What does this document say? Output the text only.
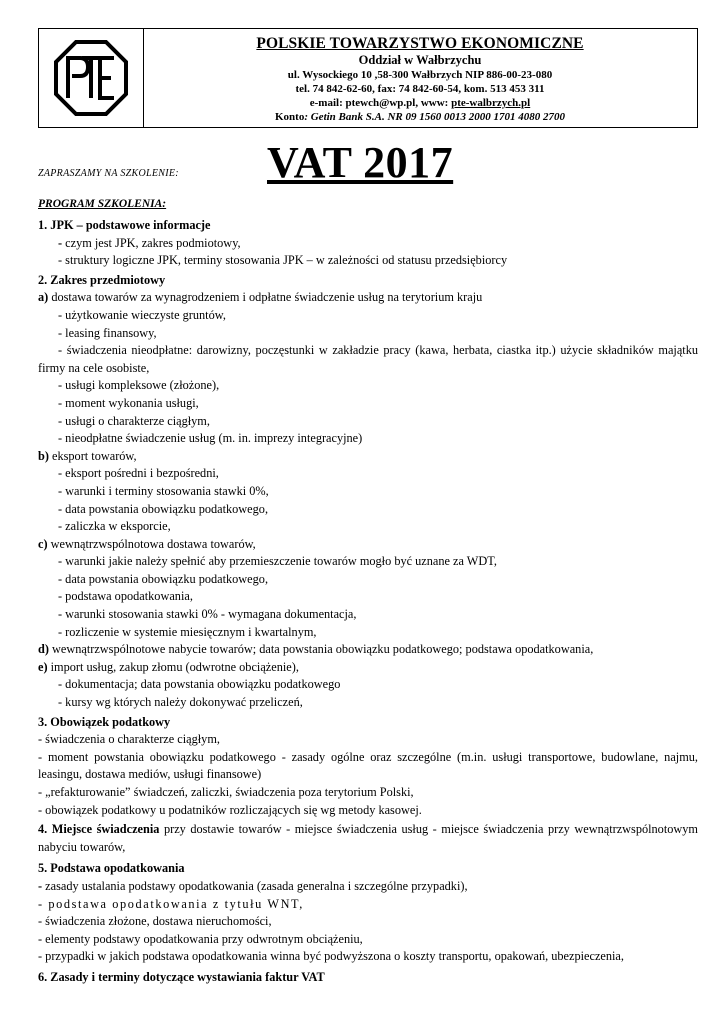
POLSKIE TOWARZYSTWO EKONOMICZNE
Oddział w Wałbrzychu
ul. Wysockiego 10 ,58-300 Wałbrzych NIP 886-00-23-080
tel. 74 842-62-60, fax: 74 842-60-54, kom. 513 453 311
e-mail: ptewch@wp.pl, www: pte-walbrzych.pl
Konto: Getin Bank S.A. NR 09 1560 0013 2000 1701 4080 2700
ZAPRASZAMY NA SZKOLENIE: VAT 2017
PROGRAM SZKOLENIA:
1. JPK – podstawowe informacje
- czym jest JPK, zakres podmiotowy,
- struktury logiczne JPK, terminy stosowania JPK – w zależności od statusu przedsiębiorcy
2. Zakres przedmiotowy
a) dostawa towarów za wynagrodzeniem i odpłatne świadczenie usług na terytorium kraju
- użytkowanie wieczyste gruntów,
- leasing finansowy,
- świadczenia nieodpłatne: darowizny, poczęstunki w zakładzie pracy (kawa, herbata, ciastka itp.) użycie składników majątku firmy na cele osobiste,
- usługi kompleksowe (złożone),
- moment wykonania usługi,
- usługi o charakterze ciągłym,
- nieodpłatne świadczenie usług (m. in. imprezy integracyjne)
b) eksport towarów,
- eksport pośredni i bezpośredni,
- warunki i terminy stosowania stawki 0%,
- data powstania obowiązku podatkowego,
- zaliczka w eksporcie,
c) wewnątrzwspólnotowa dostawa towarów,
- warunki jakie należy spełnić aby przemieszczenie towarów mogło być uznane za WDT,
- data powstania obowiązku podatkowego,
- podstawa opodatkowania,
- warunki stosowania stawki 0% - wymagana dokumentacja,
- rozliczenie w systemie miesięcznym i kwartalnym,
d) wewnątrzwspólnotowe nabycie towarów; data powstania obowiązku podatkowego; podstawa opodatkowania,
e) import usług, zakup złomu (odwrotne obciążenie),
- dokumentacja; data powstania obowiązku podatkowego
- kursy wg których należy dokonywać przeliczeń,
3. Obowiązek podatkowy
- świadczenia o charakterze ciągłym,
- moment powstania obowiązku podatkowego - zasady ogólne oraz szczególne (m.in. usługi transportowe, budowlane, najmu, leasingu, dostawa mediów, usługi finansowe)
- „refakturowanie” świadczeń, zaliczki, świadczenia poza terytorium Polski,
- obowiązek podatkowy u podatników rozliczających się wg metody kasowej.
4. Miejsce świadczenia przy dostawie towarów - miejsce świadczenia usług - miejsce świadczenia przy wewnątrzwspólnotowym nabyciu towarów,
5. Podstawa opodatkowania
- zasady ustalania podstawy opodatkowania (zasada generalna i szczególne przypadki),
- podstawa opodatkowania z tytułu WNT,
- świadczenia złożone, dostawa nieruchomości,
- elementy podstawy opodatkowania przy odwrotnym obciążeniu,
- przypadki w jakich podstawa opodatkowania winna być podwyższona o koszty transportu, opakowań, ubezpieczenia,
6. Zasady i terminy dotyczące wystawiania faktur VAT
